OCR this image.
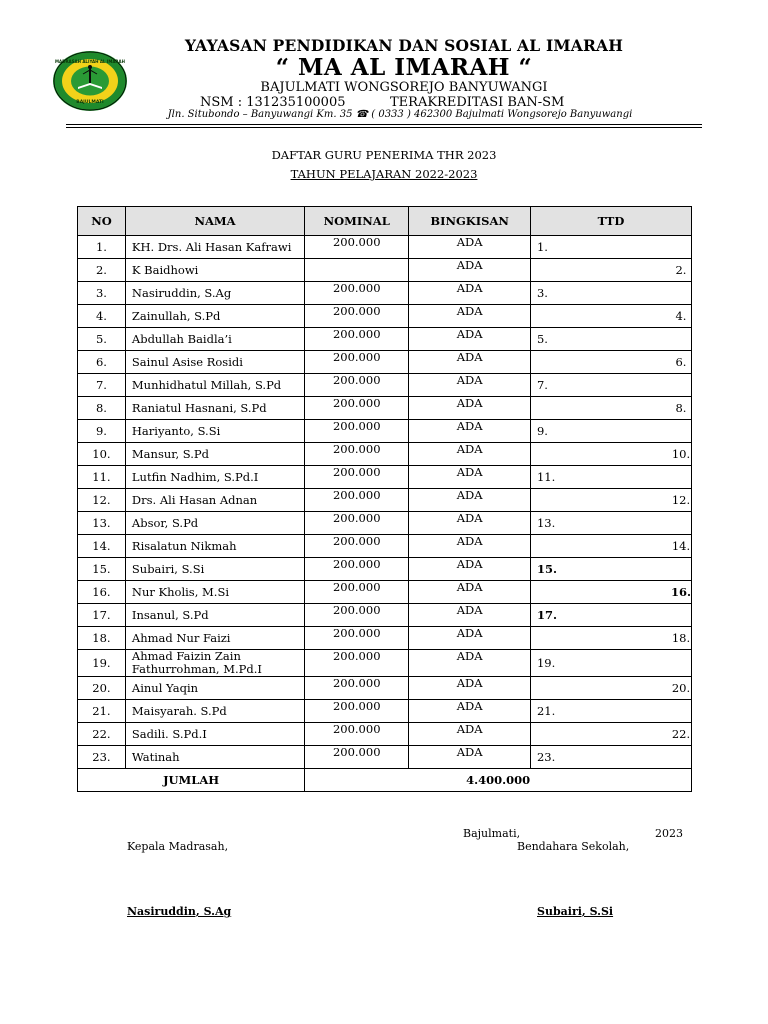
MADRASAH ALIYAH AL IMARAH
BAJULMATI
YAYASAN PENDIDIKAN DAN SOSIAL AL IMARAH
“ MA AL IMARAH “
BAJULMATI WONGSOREJO BANYUWANGI
NSM : 131235100005	TERAKREDITASI BAN-SM
Jln. Situbondo – Banyuwangi Km. 35 ☎ ( 0333 ) 462300 Bajulmati Wongsorejo Banyuwangi
DAFTAR GURU PENERIMA THR 2023
TAHUN PELAJARAN 2022-2023
NO	NAMA	NOMINAL	BINGKISAN	TTD
1.	KH. Drs. Ali Hasan Kafrawi	200.000	ADA	1.
2.	K Baidhowi		ADA	2.
3.	Nasiruddin, S.Ag	200.000	ADA	3.
4.	Zainullah, S.Pd	200.000	ADA	4.
5.	Abdullah Baidla’i	200.000	ADA	5.
6.	Sainul Asise Rosidi	200.000	ADA	6.
7.	Munhidhatul Millah, S.Pd	200.000	ADA	7.
8.	Raniatul Hasnani, S.Pd	200.000	ADA	8.
9.	Hariyanto, S.Si	200.000	ADA	9.
10.	Mansur, S.Pd	200.000	ADA	10.
11.	Lutfin Nadhim, S.Pd.I	200.000	ADA	11.
12.	Drs. Ali Hasan Adnan	200.000	ADA	12.
13.	Absor, S.Pd	200.000	ADA	13.
14.	Risalatun Nikmah	200.000	ADA	14.
15.	Subairi, S.Si	200.000	ADA	15.
16.	Nur Kholis, M.Si	200.000	ADA	16.
17.	Insanul, S.Pd	200.000	ADA	17.
18.	Ahmad Nur Faizi	200.000	ADA	18.
19.	Ahmad Faizin Zain
Fathurrohman, M.Pd.I	200.000	ADA	19.
20.	Ainul Yaqin	200.000	ADA	20.
21.	Maisyarah. S.Pd	200.000	ADA	21.
22.	Sadili. S.Pd.I	200.000	ADA	22.
23.	Watinah	200.000	ADA	23.
JUMLAH		4.400.000		
Bajulmati,	2023
Kepala Madrasah,	Bendahara Sekolah,
Nasiruddin, S.Ag	Subairi, S.Si
